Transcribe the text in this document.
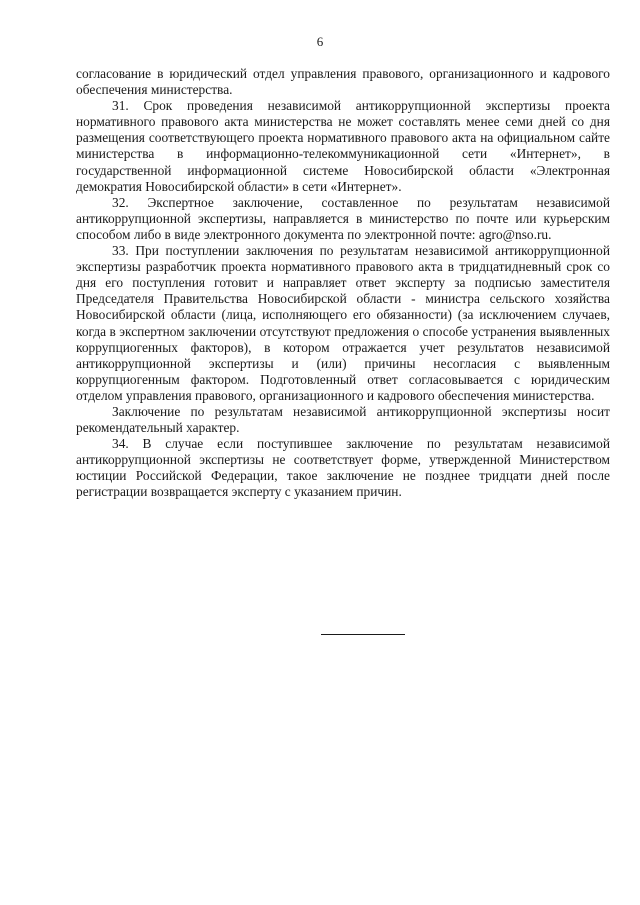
6

согласование в юридический отдел управления правового, организационного и кадрового обеспечения министерства.

31. Срок проведения независимой антикоррупционной экспертизы проекта нормативного правового акта министерства не может составлять менее семи дней со дня размещения соответствующего проекта нормативного правового акта на официальном сайте министерства в информационно-телекоммуникационной сети «Интернет», в государственной информационной системе Новосибирской области «Электронная демократия Новосибирской области» в сети «Интернет».

32. Экспертное заключение, составленное по результатам независимой антикоррупционной экспертизы, направляется в министерство по почте или курьерским способом либо в виде электронного документа по электронной почте: agro@nso.ru.

33. При поступлении заключения по результатам независимой антикоррупционной экспертизы разработчик проекта нормативного правового акта в тридцатидневный срок со дня его поступления готовит и направляет ответ эксперту за подписью заместителя Председателя Правительства Новосибирской области - министра сельского хозяйства Новосибирской области (лица, исполняющего его обязанности) (за исключением случаев, когда в экспертном заключении отсутствуют предложения о способе устранения выявленных коррупциогенных факторов), в котором отражается учет результатов независимой антикоррупционной экспертизы и (или) причины несогласия с выявленным коррупциогенным фактором. Подготовленный ответ согласовывается с юридическим отделом управления правового, организационного и кадрового обеспечения министерства.

Заключение по результатам независимой антикоррупционной экспертизы носит рекомендательный характер.

34. В случае если поступившее заключение по результатам независимой антикоррупционной экспертизы не соответствует форме, утвержденной Министерством юстиции Российской Федерации, такое заключение не позднее тридцати дней после регистрации возвращается эксперту с указанием причин.
